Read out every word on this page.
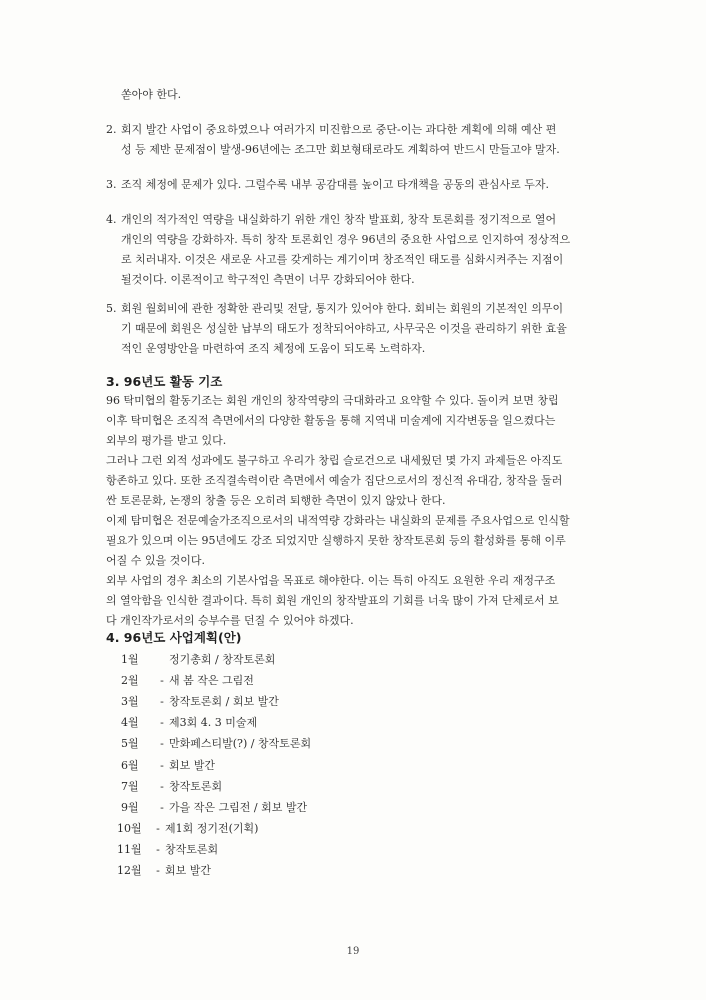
쏟아야 한다.

2. 회지 발간 사업이 중요하였으나 여러가지 미진함으로 중단-이는 과다한 계획에 의해 예산 편

성 등 제반 문제점이 발생-96년에는 조그만 회보형태로라도 계획하여 반드시 만들고야 말자.

3. 조직 체정에 문제가 있다. 그럴수록 내부 공감대를 높이고 타개책을 공동의 관심사로 두자.

4. 개인의 적가적인 역량을 내실화하기 위한 개인 창작 발표회, 창작 토론회를 정기적으로 열어

개인의 역량을 강화하자. 특히 창작 토론회인 경우 96년의 중요한 사업으로 인지하여 정상적으

로 치러내자. 이것은 새로운 사고를 갖게하는 계기이며 창조적인 태도를 심화시켜주는 지점이

될것이다. 이론적이고 학구적인 측면이 너무 강화되어야 한다.

5. 회원 월회비에 관한 정확한 관리및 전달, 통지가 있어야 한다. 회비는 회원의 기본적인 의무이

기 때문에 회원은 성실한 납부의 태도가 정착되어야하고, 사무국은 이것을 관리하기 위한 효율

적인 운영방안을 마련하여 조직 체정에 도움이 되도록 노력하자.

3. 96년도 활동 기조

96 탁미협의 활동기조는 회원 개인의 창작역량의 극대화라고 요약할 수 있다. 돌이켜 보면 창립

이후 탁미협은 조직적 측면에서의 다양한 활동을 통해 지역내 미술계에 지각변동을 일으켰다는

외부의 평가를 받고 있다.

그러나 그런 외적 성과에도 불구하고 우리가 창립 슬로건으로 내세웠던 몇 가지 과제들은 아직도

항존하고 있다. 또한 조직결속력이란 측면에서 예술가 집단으로서의 정신적 유대감, 창작을 둘러

싼 토론문화, 논쟁의 창출 등은 오히려 퇴행한 측면이 있지 않았나 한다.

이제 탐미협은 전문예술가조직으로서의 내적역량 강화라는 내실화의 문제를 주요사업으로 인식할

필요가 있으며 이는 95년에도 강조 되었지만 실행하지 못한 창작토론회 등의 활성화를 통해 이루

어질 수 있을 것이다.

외부 사업의 경우 최소의 기본사업을 목표로 해야한다. 이는 특히 아직도 요원한 우리 재정구조

의 열악함을 인식한 결과이다. 특히 회원 개인의 창작발표의 기회를 너욱 많이 가져 단체로서 보

다 개인작가로서의 승부수를 던질 수 있어야 하겠다.

4. 96년도 사업계획(안)
1월	정기총회 / 창작토론회
2월 - 새 봄 작은 그림전
3월 - 창작토론회 / 회보 발간
4월 - 제3회 4. 3 미술제
5월 - 만화페스티발(?) / 창작토론회
6월 - 회보 발간
7월 - 창작토론회
9월 - 가을 작은 그림전 / 회보 발간
10월 - 제1회 정기전(기획)
11월 - 창작토론회
12월 - 회보 발간
19
